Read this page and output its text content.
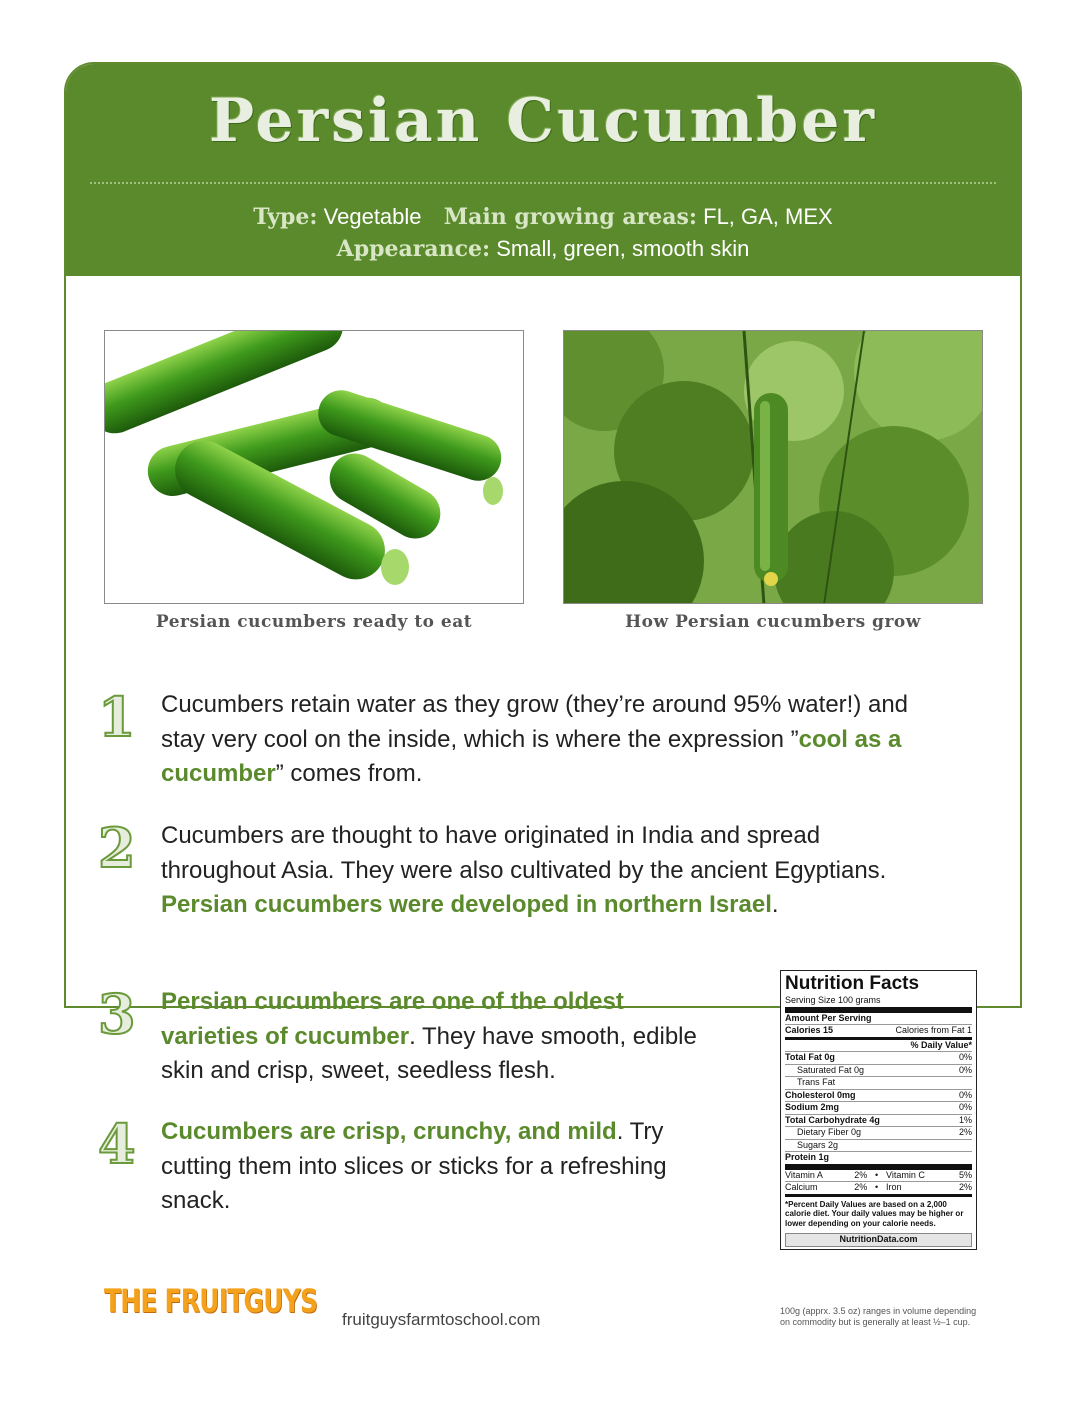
Persian Cucumber
Type: Vegetable Main growing areas: FL, GA, MEX
Appearance: Small, green, smooth skin
Persian cucumbers ready to eat	How Persian cucumbers grow
1 Cucumbers retain water as they grow (they’re around 95% water!) and stay very cool on the inside, which is where the expression ”cool as a cucumber” comes from.
2 Cucumbers are thought to have originated in India and spread throughout Asia. They were also cultivated by the ancient Egyptians. Persian cucumbers were developed in northern Israel.
3 Persian cucumbers are one of the oldest varieties of cucumber. They have smooth, edible skin and crisp, sweet, seedless flesh.
4 Cucumbers are crisp, crunchy, and mild. Try cutting them into slices or sticks for a refreshing snack.
Nutrition Facts
Serving Size 100 grams
Amount Per Serving
Calories 15	Calories from Fat 1
% Daily Value*
Total Fat 0g	0%
Saturated Fat 0g	0%
Trans Fat
Cholesterol 0mg	0%
Sodium 2mg	0%
Total Carbohydrate 4g	1%
Dietary Fiber 0g	2%
Sugars 2g
Protein 1g
Vitamin A	2% • Vitamin C	5%
Calcium	2% • Iron	2%
*Percent Daily Values are based on a 2,000 calorie diet. Your daily values may be higher or lower depending on your calorie needs.
NutritionData.com
100g (apprx. 3.5 oz) ranges in volume depending on commodity but is generally at least ½–1 cup.
THE FRUITGUYS fruitguysfarmtoschool.com
